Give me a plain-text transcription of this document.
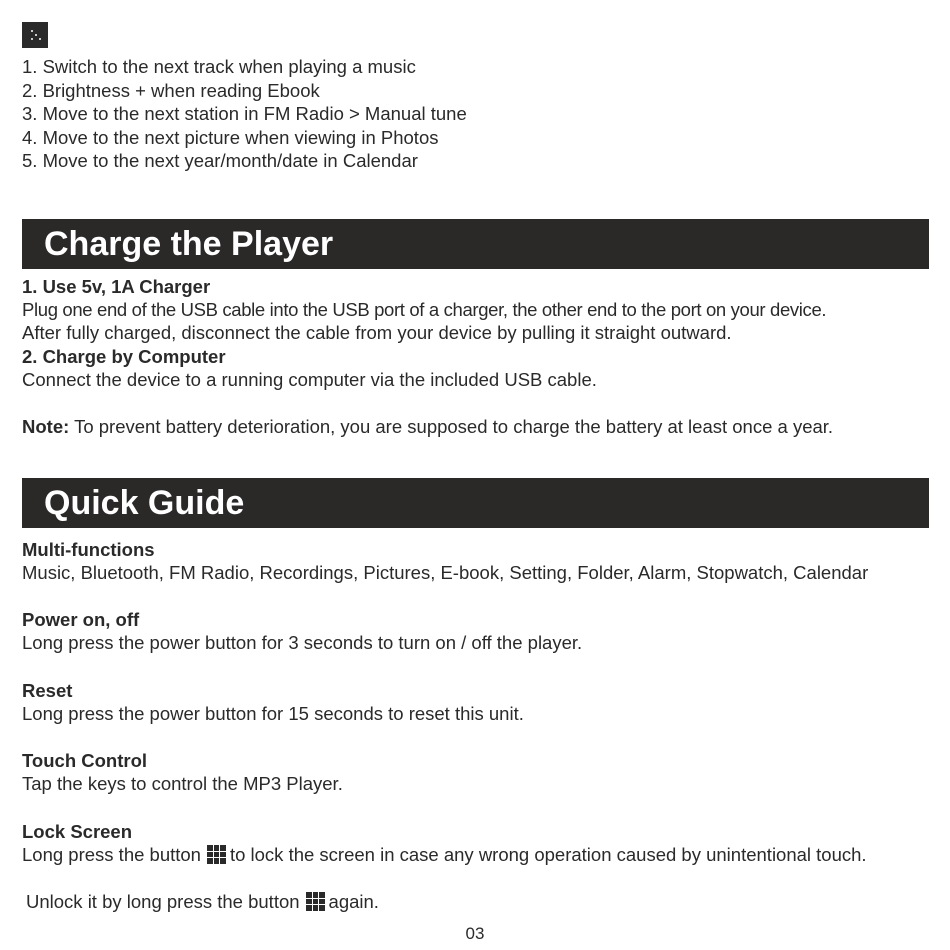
1. Switch to the next track when playing a music
2. Brightness + when reading Ebook
3. Move to the next station in FM Radio > Manual tune
4. Move to the next picture when viewing in Photos
5. Move to the next year/month/date in Calendar
Charge the Player
1. Use 5v, 1A Charger
Plug one end of the USB cable into the USB port of a charger, the other end to the port on your device.
After fully charged, disconnect the cable from your device by pulling it straight outward.
2. Charge by Computer
Connect the device to a running computer via the included USB cable.
Note: To prevent battery deterioration, you are supposed to charge the battery at least once a year.
Quick Guide
Multi-functions
Music, Bluetooth, FM Radio, Recordings, Pictures, E-book, Setting, Folder, Alarm, Stopwatch, Calendar
Power on, off
Long press the power button for 3 seconds to turn on / off the player.
Reset
Long press the power button for 15 seconds to reset this unit.
Touch Control
Tap the keys to control the MP3 Player.
Lock Screen
Long press the button to lock the screen in case any wrong operation caused by unintentional touch.
Unlock it by long press the button again.
03
